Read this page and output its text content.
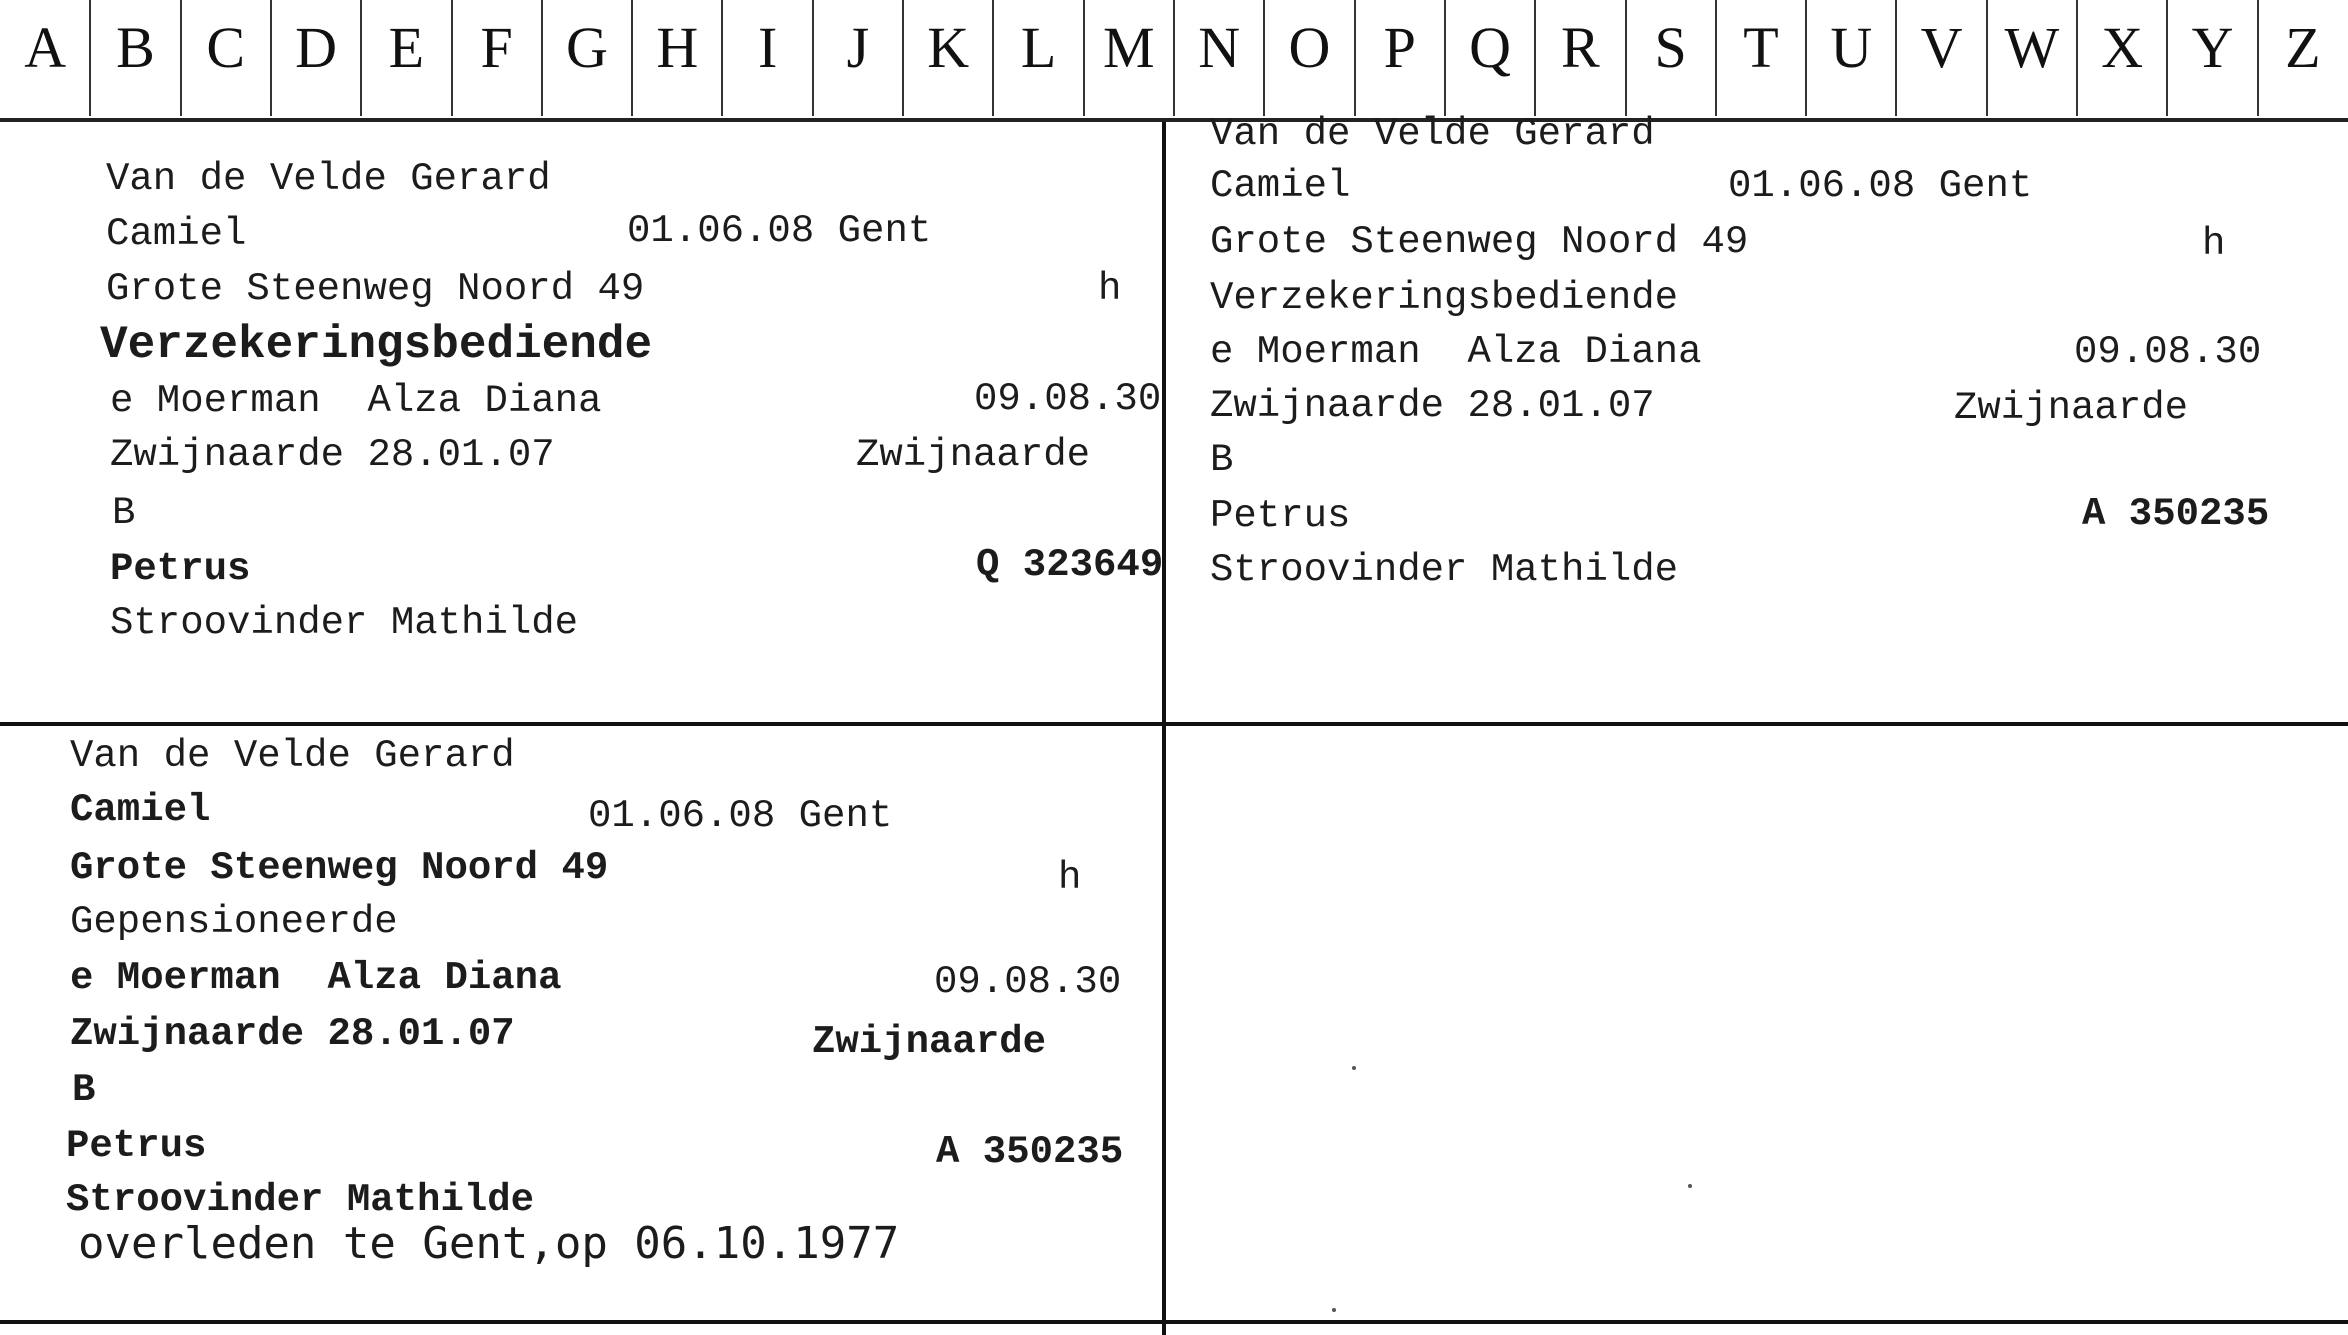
A B C D E F G H I J K L M N O P Q R S T U V W X Y Z
Van de Velde Gerard
Camiel	01.06.08 Gent
Grote Steenweg Noord 49	h
Verzekeringsbediende
e Moerman  Alza Diana	09.08.30
Zwijnaarde 28.01.07	Zwijnaarde
B
Petrus	Q 323649
Stroovinder Mathilde
Van de Velde Gerard
Camiel	01.06.08 Gent
Grote Steenweg Noord 49	h
Verzekeringsbediende
e Moerman  Alza Diana	09.08.30
Zwijnaarde 28.01.07	Zwijnaarde
B
Petrus	A 350235
Stroovinder Mathilde
Van de Velde Gerard
Camiel	01.06.08 Gent
Grote Steenweg Noord 49	h
Gepensioneerde
e Moerman  Alza Diana	09.08.30
Zwijnaarde 28.01.07	Zwijnaarde
B
Petrus	A 350235
Stroovinder Mathilde
overleden te Gent,op 06.10.1977
